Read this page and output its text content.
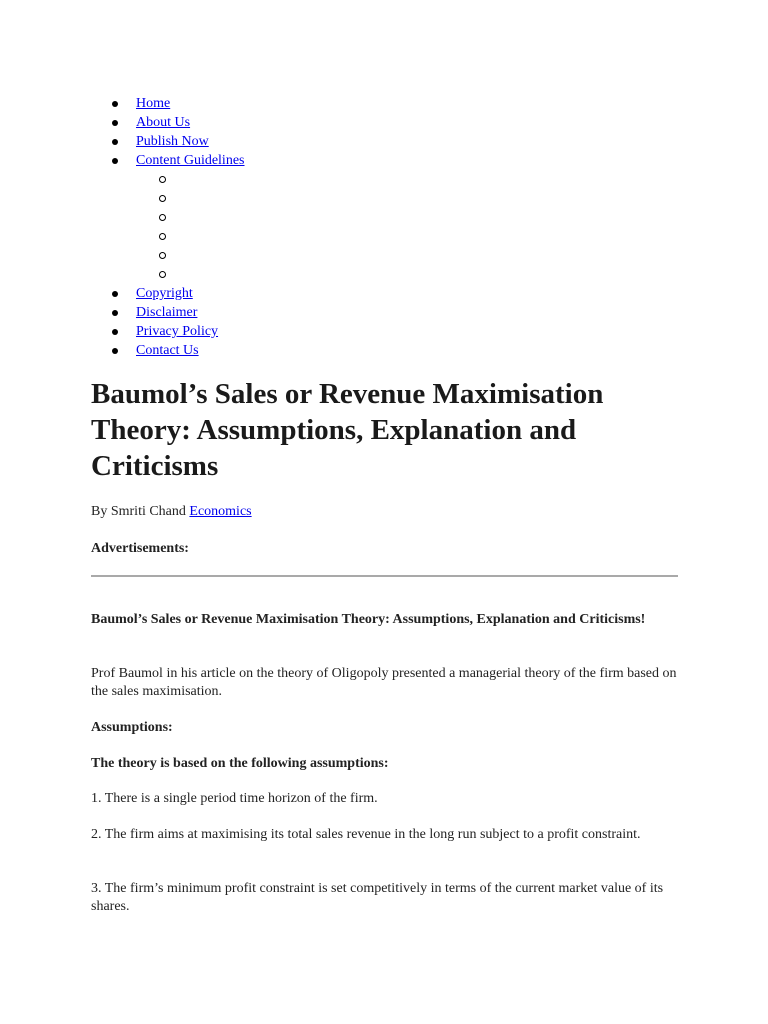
Home
About Us
Publish Now
Content Guidelines
Copyright
Disclaimer
Privacy Policy
Contact Us
Baumol’s Sales or Revenue Maximisation Theory: Assumptions, Explanation and Criticisms

By Smriti Chand Economics

Advertisements:

Baumol’s Sales or Revenue Maximisation Theory: Assumptions, Explanation and Criticisms!

Prof Baumol in his article on the theory of Oligopoly presented a managerial theory of the firm based on the sales maximisation.

Assumptions:

The theory is based on the following assumptions:

1. There is a single period time horizon of the firm.

2. The firm aims at maximising its total sales revenue in the long run subject to a profit constraint.

3. The firm’s minimum profit constraint is set competitively in terms of the current market value of its shares.
